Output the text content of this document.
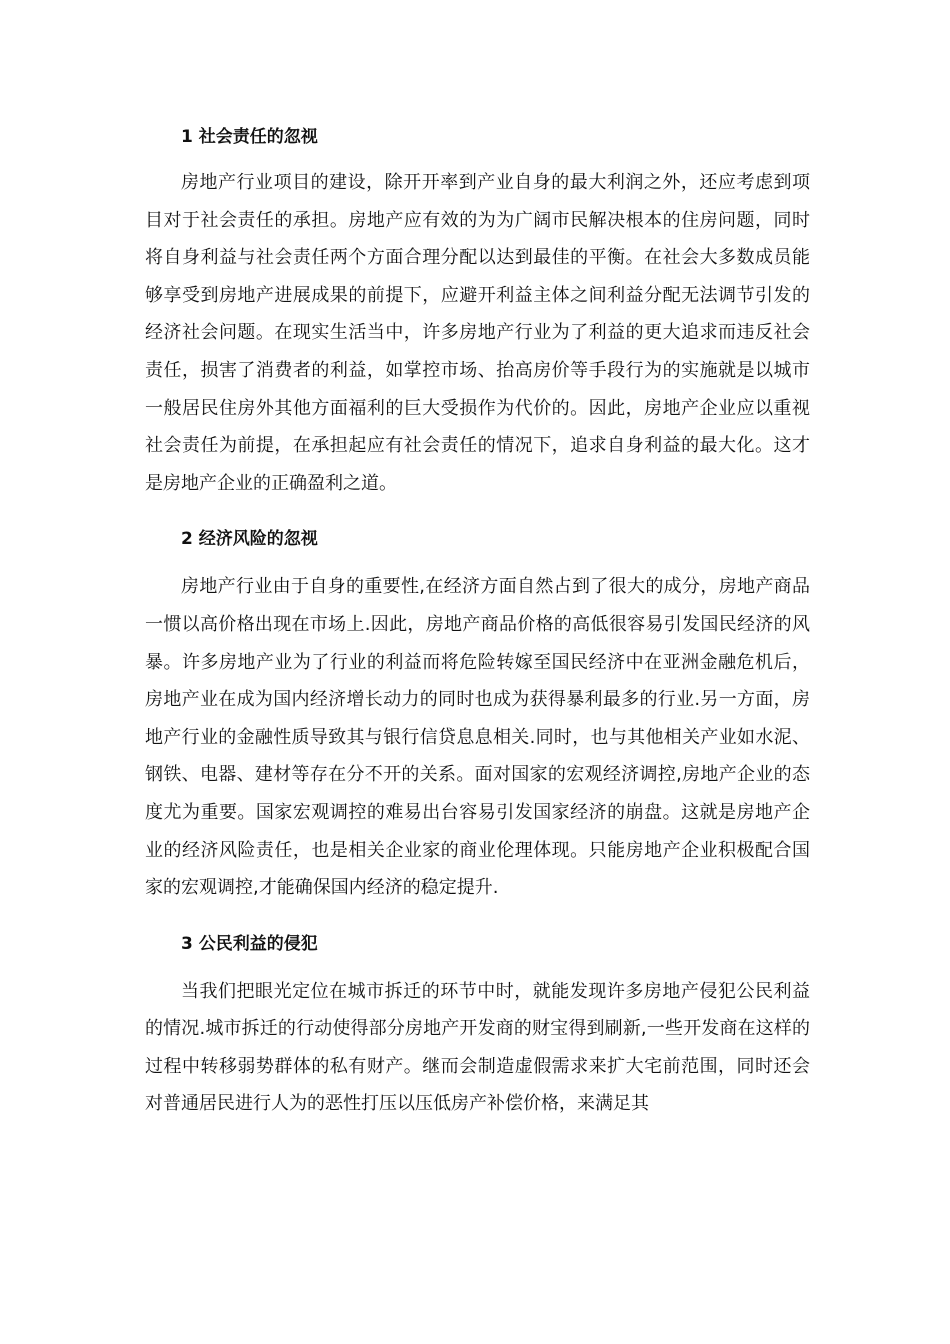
1 社会责任的忽视

房地产行业项目的建设，除开开率到产业自身的最大利润之外，还应考虑到项目对于社会责任的承担。房地产应有效的为为广阔市民解决根本的住房问题，同时将自身利益与社会责任两个方面合理分配以达到最佳的平衡。在社会大多数成员能够享受到房地产进展成果的前提下，应避开利益主体之间利益分配无法调节引发的经济社会问题。在现实生活当中，许多房地产行业为了利益的更大追求而违反社会责任，损害了消费者的利益，如掌控市场、抬高房价等手段行为的实施就是以城市一般居民住房外其他方面福利的巨大受损作为代价的。因此，房地产企业应以重视社会责任为前提，在承担起应有社会责任的情况下，追求自身利益的最大化。这才是房地产企业的正确盈利之道。

2 经济风险的忽视

房地产行业由于自身的重要性,在经济方面自然占到了很大的成分，房地产商品一惯以高价格出现在市场上.因此，房地产商品价格的高低很容易引发国民经济的风暴。许多房地产业为了行业的利益而将危险转嫁至国民经济中在亚洲金融危机后， 房地产业在成为国内经济增长动力的同时也成为获得暴利最多的行业.另一方面，房地产行业的金融性质导致其与银行信贷息息相关.同时，也与其他相关产业如水泥、钢铁、电器、建材等存在分不开的关系。面对国家的宏观经济调控,房地产企业的态度尤为重要。国家宏观调控的难易出台容易引发国家经济的崩盘。这就是房地产企业的经济风险责任，也是相关企业家的商业伦理体现。只能房地产企业积极配合国家的宏观调控,才能确保国内经济的稳定提升.

3 公民利益的侵犯

当我们把眼光定位在城市拆迁的环节中时，就能发现许多房地产侵犯公民利益的情况.城市拆迁的行动使得部分房地产开发商的财宝得到刷新,一些开发商在这样的过程中转移弱势群体的私有财产。继而会制造虚假需求来扩大宅前范围，同时还会对普通居民进行人为的恶性打压以压低房产补偿价格，来满足其
